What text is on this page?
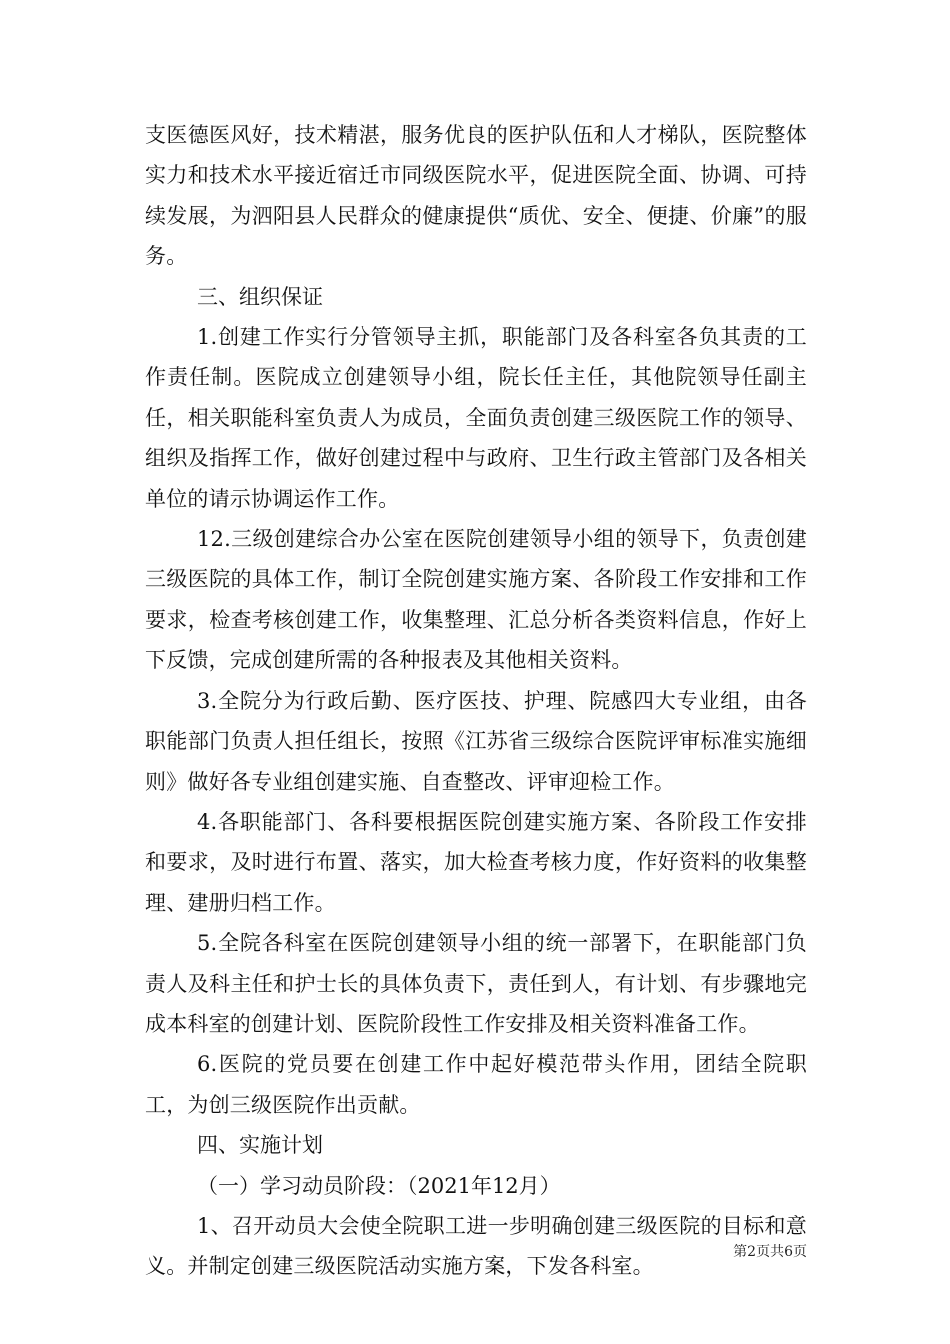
支医德医风好，技术精湛，服务优良的医护队伍和人才梯队，医院整体实力和技术水平接近宿迁市同级医院水平，促进医院全面、协调、可持续发展，为泗阳县人民群众的健康提供“质优、安全、便捷、价廉”的服务。

三、组织保证

1.创建工作实行分管领导主抓，职能部门及各科室各负其责的工作责任制。医院成立创建领导小组，院长任主任，其他院领导任副主任，相关职能科室负责人为成员，全面负责创建三级医院工作的领导、组织及指挥工作，做好创建过程中与政府、卫生行政主管部门及各相关单位的请示协调运作工作。

12.三级创建综合办公室在医院创建领导小组的领导下，负责创建三级医院的具体工作，制订全院创建实施方案、各阶段工作安排和工作要求，检查考核创建工作，收集整理、汇总分析各类资料信息，作好上下反馈，完成创建所需的各种报表及其他相关资料。

3.全院分为行政后勤、医疗医技、护理、院感四大专业组，由各职能部门负责人担任组长，按照《江苏省三级综合医院评审标准实施细则》做好各专业组创建实施、自查整改、评审迎检工作。

4.各职能部门、各科要根据医院创建实施方案、各阶段工作安排和要求，及时进行布置、落实，加大检查考核力度，作好资料的收集整理、建册归档工作。

5.全院各科室在医院创建领导小组的统一部署下，在职能部门负责人及科主任和护士长的具体负责下，责任到人，有计划、有步骤地完成本科室的创建计划、医院阶段性工作安排及相关资料准备工作。

6.医院的党员要在创建工作中起好模范带头作用，团结全院职工，为创三级医院作出贡献。

四、实施计划

（一）学习动员阶段：（2021年12月）

1、召开动员大会使全院职工进一步明确创建三级医院的目标和意义。并制定创建三级医院活动实施方案，下发各科室。

第2页共6页
